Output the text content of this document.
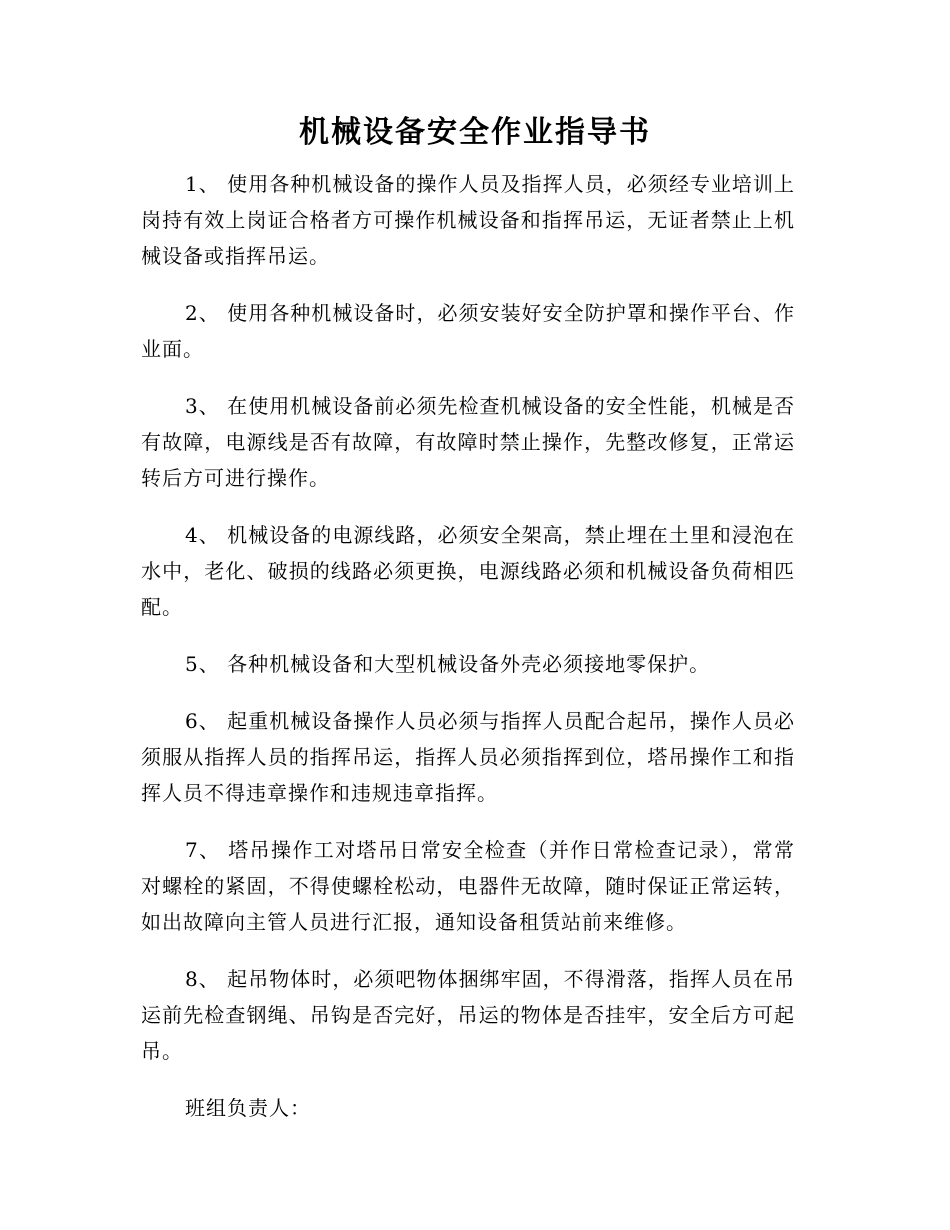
机械设备安全作业指导书

1、 使用各种机械设备的操作人员及指挥人员，必须经专业培训上岗持有效上岗证合格者方可操作机械设备和指挥吊运，无证者禁止上机械设备或指挥吊运。

2、 使用各种机械设备时，必须安装好安全防护罩和操作平台、作业面。

3、 在使用机械设备前必须先检查机械设备的安全性能，机械是否有故障，电源线是否有故障，有故障时禁止操作，先整改修复，正常运转后方可进行操作。

4、 机械设备的电源线路，必须安全架高，禁止埋在土里和浸泡在水中，老化、破损的线路必须更换，电源线路必须和机械设备负荷相匹配。

5、 各种机械设备和大型机械设备外壳必须接地零保护。

6、 起重机械设备操作人员必须与指挥人员配合起吊，操作人员必须服从指挥人员的指挥吊运，指挥人员必须指挥到位，塔吊操作工和指挥人员不得违章操作和违规违章指挥。

7、 塔吊操作工对塔吊日常安全检查（并作日常检查记录），常常对螺栓的紧固，不得使螺栓松动，电器件无故障，随时保证正常运转，如出故障向主管人员进行汇报，通知设备租赁站前来维修。

8、 起吊物体时，必须吧物体捆绑牢固，不得滑落，指挥人员在吊运前先检查钢绳、吊钩是否完好，吊运的物体是否挂牢，安全后方可起吊。

班组负责人：
